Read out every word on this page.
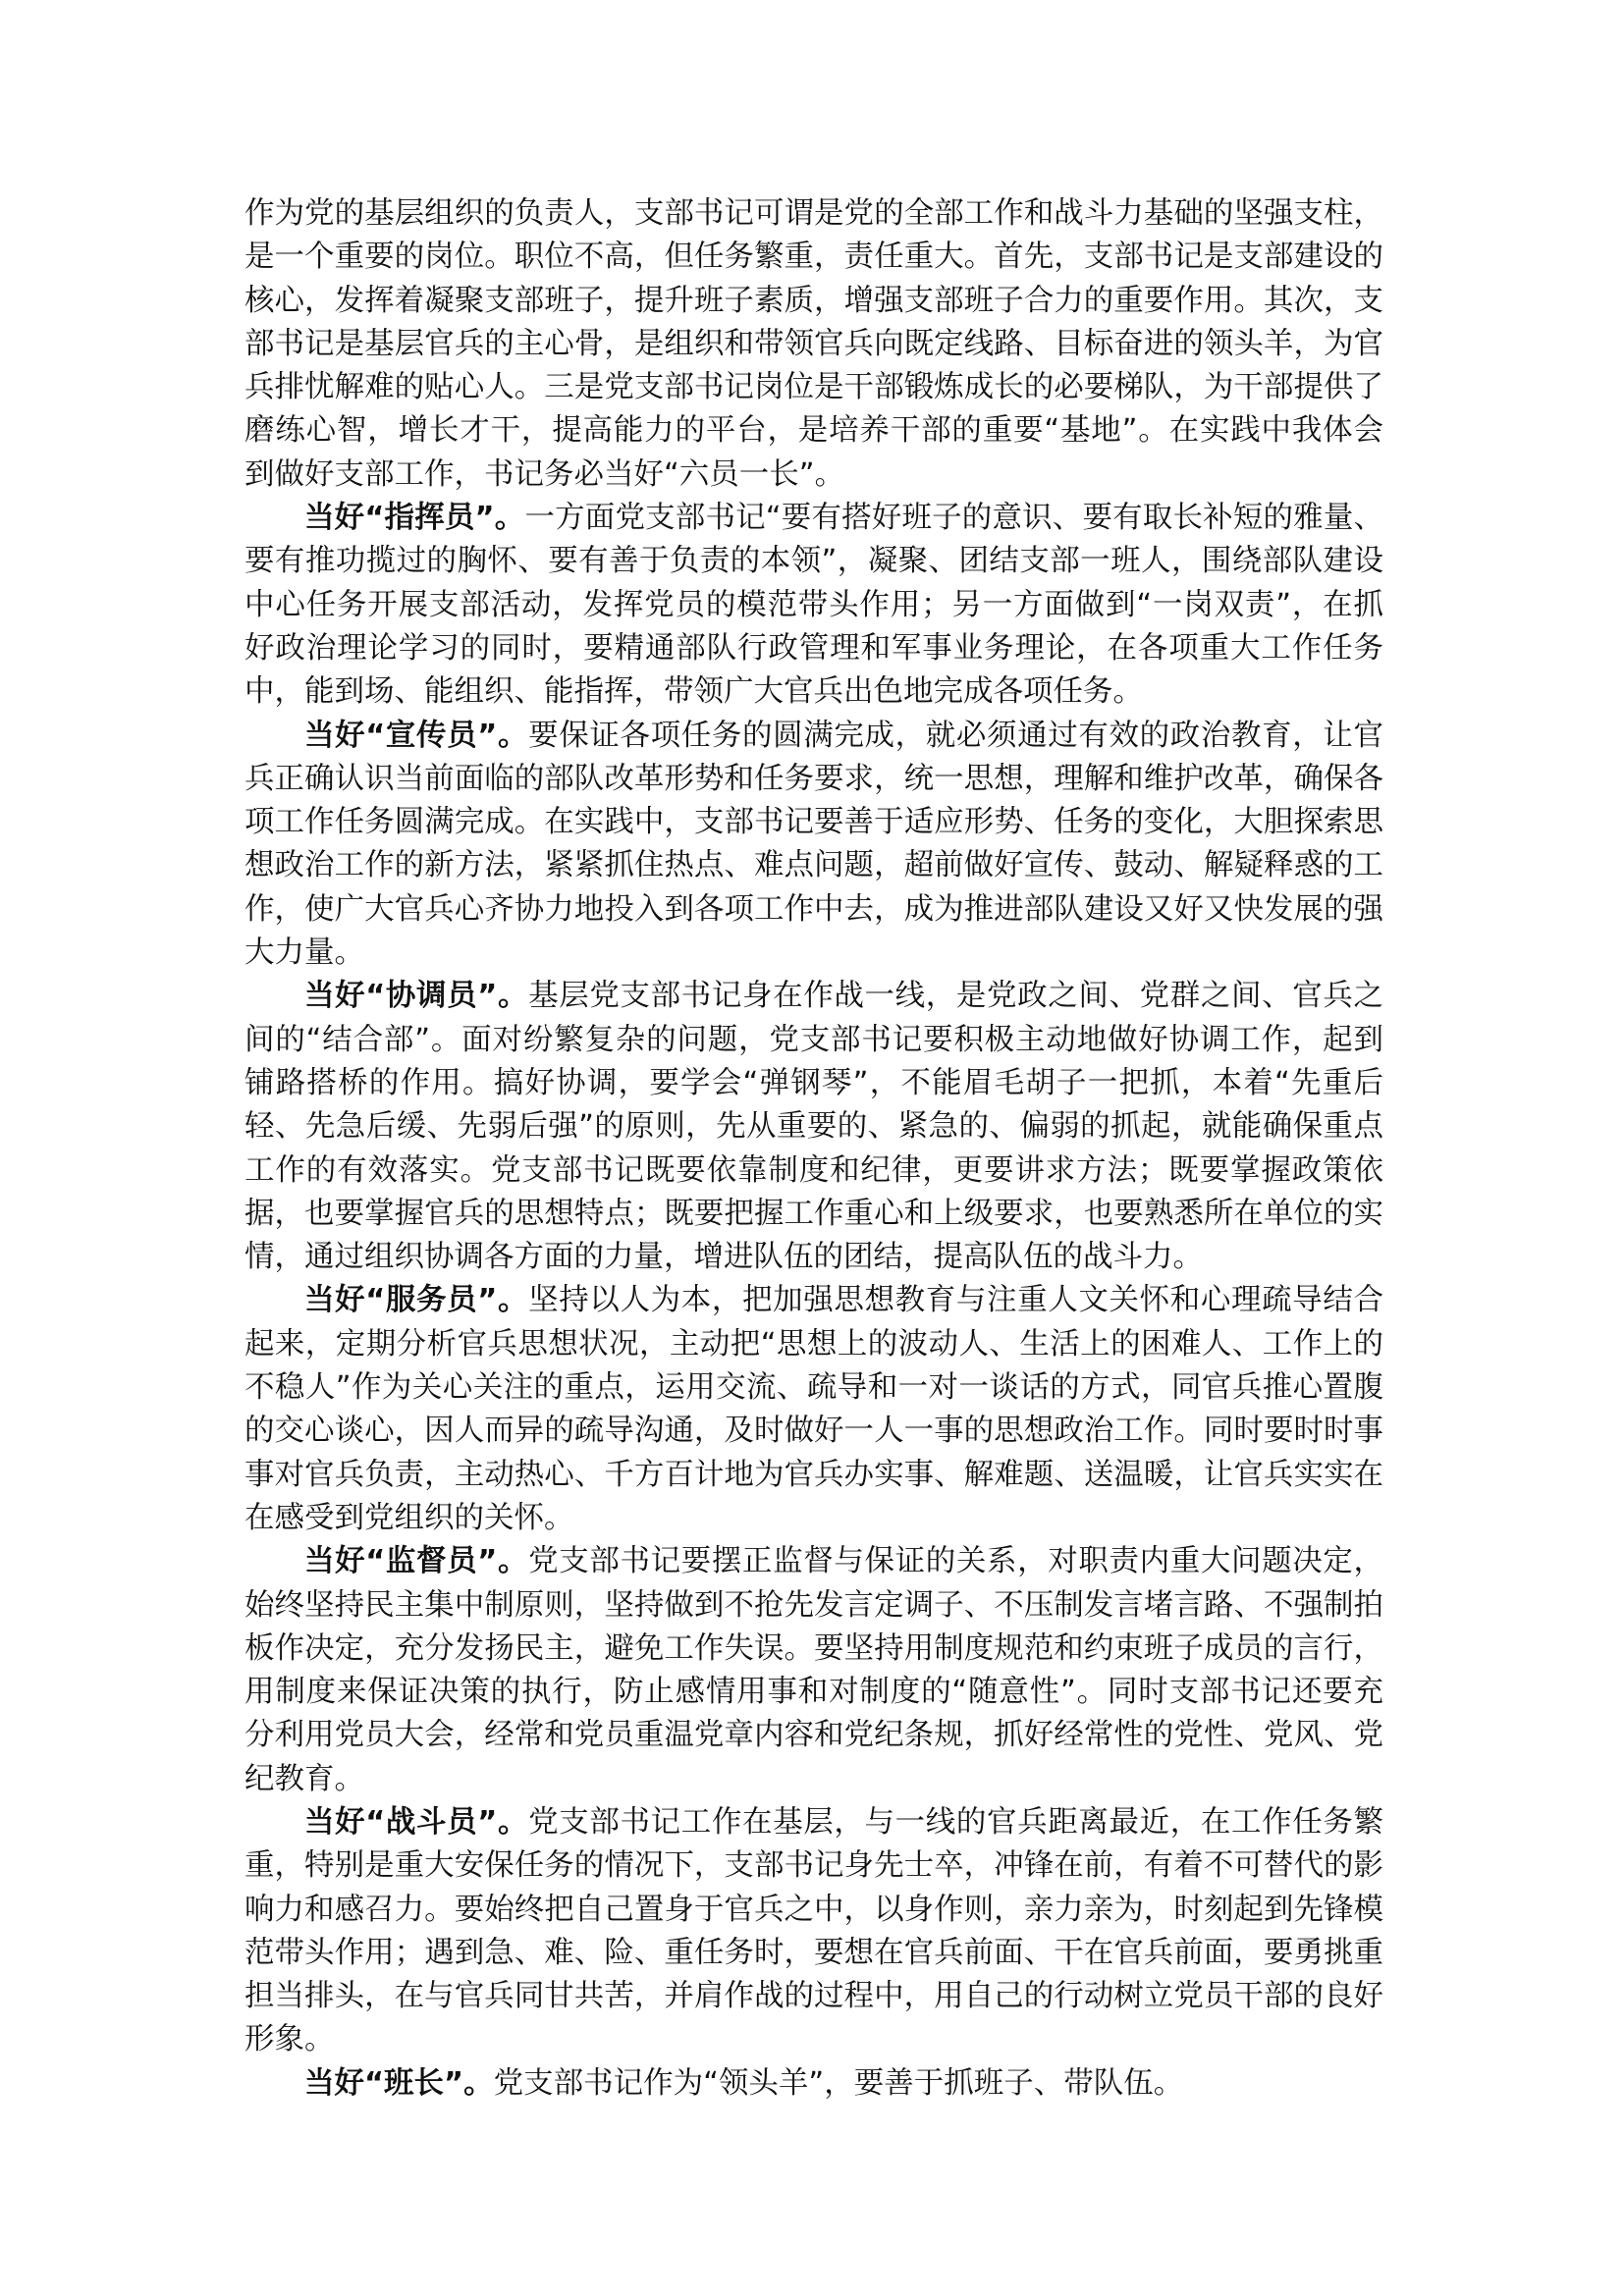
作为党的基层组织的负责人，支部书记可谓是党的全部工作和战斗力基础的坚强支柱，是一个重要的岗位。职位不高，但任务繁重，责任重大。首先，支部书记是支部建设的核心，发挥着凝聚支部班子，提升班子素质，增强支部班子合力的重要作用。其次，支部书记是基层官兵的主心骨，是组织和带领官兵向既定线路、目标奋进的领头羊，为官兵排忧解难的贴心人。三是党支部书记岗位是干部锻炼成长的必要梯队，为干部提供了磨练心智，增长才干，提高能力的平台，是培养干部的重要“基地”。在实践中我体会到做好支部工作，书记务必当好“六员一长”。

当好“指挥员”。一方面党支部书记“要有搭好班子的意识、要有取长补短的雅量、要有推功揽过的胸怀、要有善于负责的本领”，凝聚、团结支部一班人，围绕部队建设中心任务开展支部活动，发挥党员的模范带头作用；另一方面做到“一岗双责”，在抓好政治理论学习的同时，要精通部队行政管理和军事业务理论，在各项重大工作任务中，能到场、能组织、能指挥，带领广大官兵出色地完成各项任务。

当好“宣传员”。要保证各项任务的圆满完成，就必须通过有效的政治教育，让官兵正确认识当前面临的部队改革形势和任务要求，统一思想，理解和维护改革，确保各项工作任务圆满完成。在实践中，支部书记要善于适应形势、任务的变化，大胆探索思想政治工作的新方法，紧紧抓住热点、难点问题，超前做好宣传、鼓动、解疑释惑的工作，使广大官兵心齐协力地投入到各项工作中去，成为推进部队建设又好又快发展的强大力量。

当好“协调员”。基层党支部书记身在作战一线，是党政之间、党群之间、官兵之间的“结合部”。面对纷繁复杂的问题，党支部书记要积极主动地做好协调工作，起到铺路搭桥的作用。搞好协调，要学会“弹钢琴”，不能眉毛胡子一把抓，本着“先重后轻、先急后缓、先弱后强”的原则，先从重要的、紧急的、偏弱的抓起，就能确保重点工作的有效落实。党支部书记既要依靠制度和纪律，更要讲求方法；既要掌握政策依据，也要掌握官兵的思想特点；既要把握工作重心和上级要求，也要熟悉所在单位的实情，通过组织协调各方面的力量，增进队伍的团结，提高队伍的战斗力。

当好“服务员”。坚持以人为本，把加强思想教育与注重人文关怀和心理疏导结合起来，定期分析官兵思想状况，主动把“思想上的波动人、生活上的困难人、工作上的不稳人”作为关心关注的重点，运用交流、疏导和一对一谈话的方式，同官兵推心置腹的交心谈心，因人而异的疏导沟通，及时做好一人一事的思想政治工作。同时要时时事事对官兵负责，主动热心、千方百计地为官兵办实事、解难题、送温暖，让官兵实实在在感受到党组织的关怀。

当好“监督员”。党支部书记要摆正监督与保证的关系，对职责内重大问题决定，始终坚持民主集中制原则，坚持做到不抢先发言定调子、不压制发言堵言路、不强制拍板作决定，充分发扬民主，避免工作失误。要坚持用制度规范和约束班子成员的言行，用制度来保证决策的执行，防止感情用事和对制度的“随意性”。同时支部书记还要充分利用党员大会，经常和党员重温党章内容和党纪条规，抓好经常性的党性、党风、党纪教育。

当好“战斗员”。党支部书记工作在基层，与一线的官兵距离最近，在工作任务繁重，特别是重大安保任务的情况下，支部书记身先士卒，冲锋在前，有着不可替代的影响力和感召力。要始终把自己置身于官兵之中，以身作则，亲力亲为，时刻起到先锋模范带头作用；遇到急、难、险、重任务时，要想在官兵前面、干在官兵前面，要勇挑重担当排头，在与官兵同甘共苦，并肩作战的过程中，用自己的行动树立党员干部的良好形象。

当好“班长”。党支部书记作为“领头羊”，要善于抓班子、带队伍。
